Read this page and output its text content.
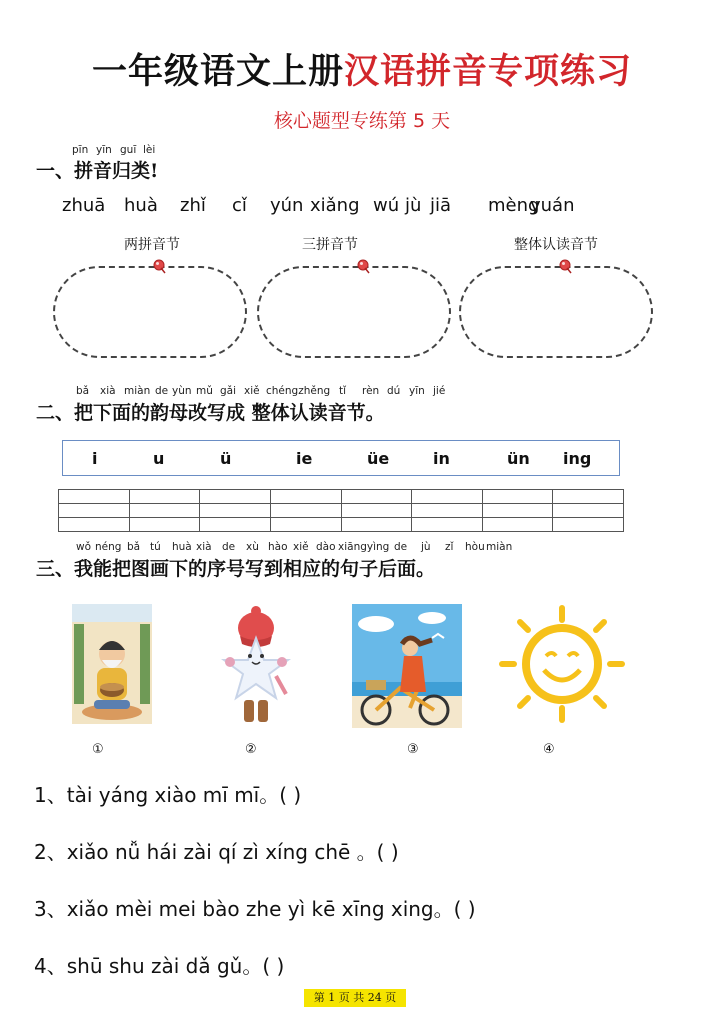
一年级语文上册汉语拼音专项练习
核心题型专练第 5 天
pīn yīn guī lèi
一、拼音归类!
zhuā huà zhǐ cǐ yún xiǎng wú jù jiā mèng
yuán
两拼音节	三拼音节	整体认读音节
bǎ xià miàn de yùn mǔ gǎi xiě chéngzhěng tǐ rèn dú yīn jié
二、把下面的韵母改写成 整体认读音节。
i	u	ü	ie	üe	in	ün ing

wǒ néng bǎ tú huà xià de xù hào xiě dào xiāngyìng de jù zǐ hòu miàn
三、我能把图画下的序号写到相应的句子后面。
①	②	③	④
1、tài yáng xiào mī mī。( )
2、xiǎo nǚ hái zài qí zì xíng chē 。( )
3、xiǎo mèi mei bào zhe yì kē xīng xing。( )
4、shū shu zài dǎ gǔ。( )
第 1 页 共 24 页
